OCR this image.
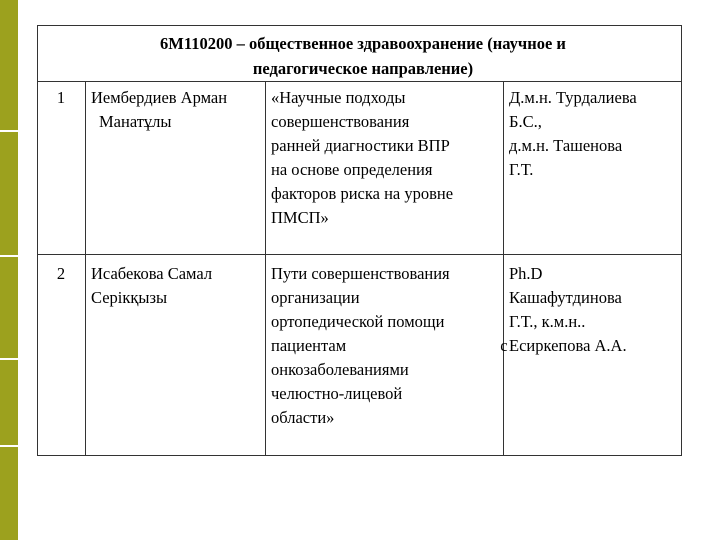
6М110200 – общественное здравоохранение (научное и
педагогическое направление)
1	Иембердиев Арман
Манатұлы
«Научные подходы
совершенствования
ранней диагностики ВПР
на основе определения
факторов риска на уровне
ПМСП»
Д.м.н. Турдалиева
Б.С.,
д.м.н. Ташенова
Г.Т.
2	Исабекова Самал
Серікқызы
Пути совершенствования
организации
ортопедической помощи
пациентам с
онкозаболеваниями
челюстно-лицевой
области»
Ph.D
Кашафутдинова
Г.Т., к.м.н..
Есиркепова А.А.
